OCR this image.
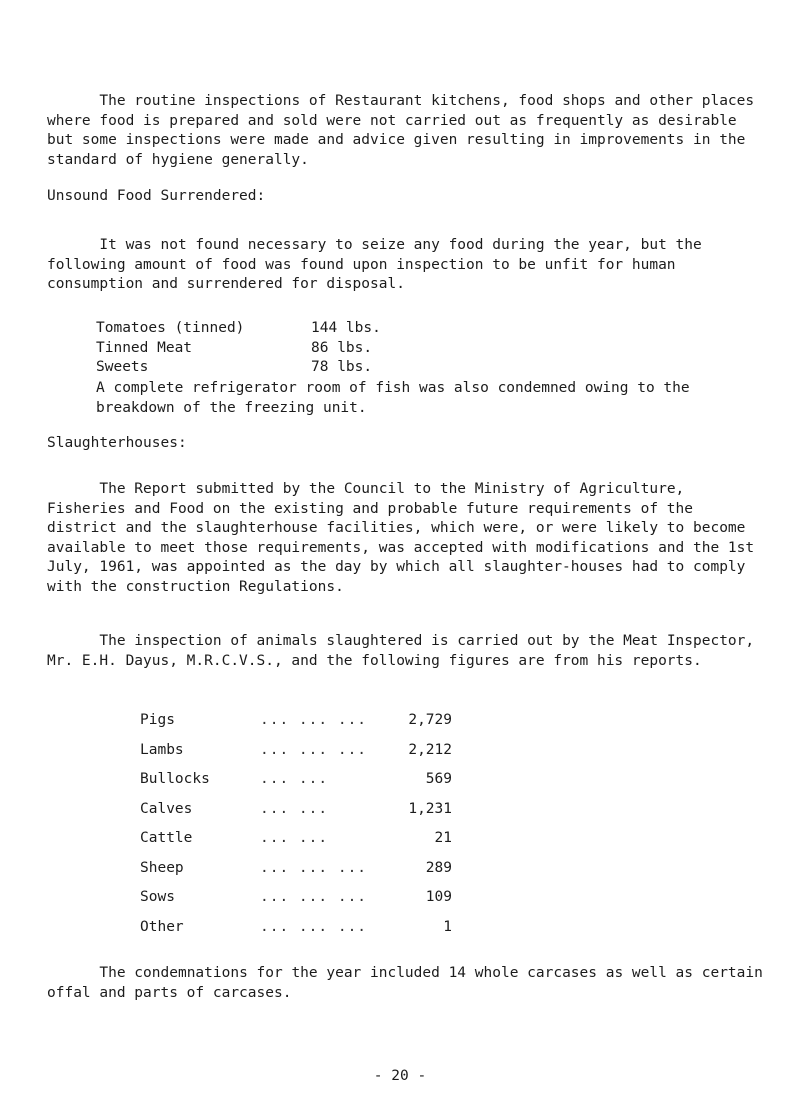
The routine inspections of Restaurant kitchens, food shops and other places where food is prepared and sold were not carried out as frequently as desirable but some inspections were made and advice given resulting in improvements in the standard of hygiene generally.

Unsound Food Surrendered:

It was not found necessary to seize any food during the year, but the following amount of food was found upon inspection to be unfit for human consumption and surrendered for disposal.

Tomatoes (tinned)	144 lbs.
Tinned Meat	86 lbs.
Sweets	78 lbs.

A complete refrigerator room of fish was also condemned owing to the breakdown of the freezing unit.

Slaughterhouses:

The Report submitted by the Council to the Ministry of Agriculture, Fisheries and Food on the existing and probable future requirements of the district and the slaughterhouse facilities, which were, or were likely to become available to meet those requirements, was accepted with modifications and the 1st July, 1961, was appointed as the day by which all slaughter-houses had to comply with the construction Regulations.

The inspection of animals slaughtered is carried out by the Meat Inspector, Mr. E.H. Dayus, M.R.C.V.S., and the following figures are from his reports.

Pigs	... ... ...	2,729
Lambs	... ... ...	2,212
Bullocks	... ...	569
Calves	... ...	1,231
Cattle	... ...	21
Sheep	... ... ...	289
Sows	... ... ...	109
Other	... ... ...	1

The condemnations for the year included 14 whole carcases as well as certain offal and parts of carcases.

- 20 -
